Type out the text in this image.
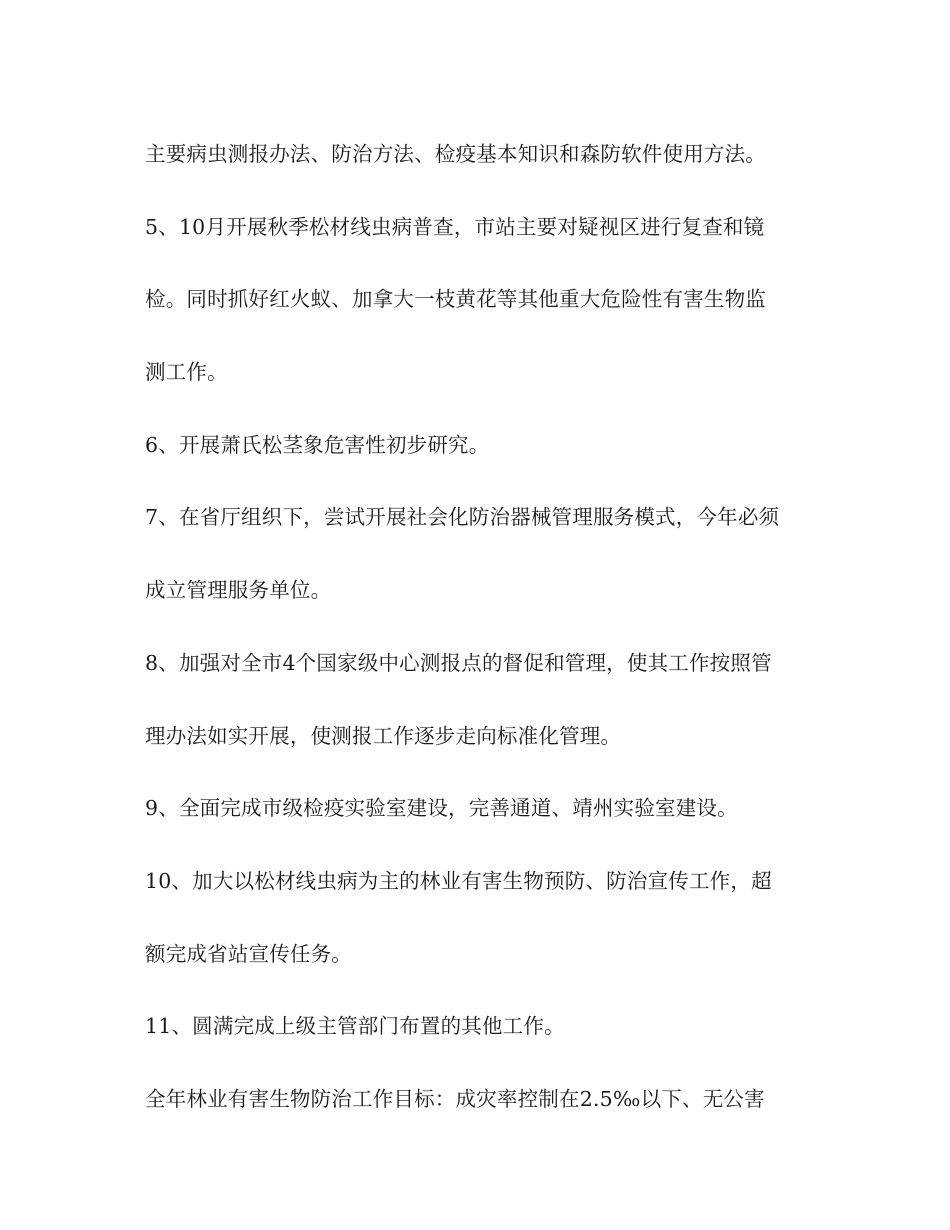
主要病虫测报办法、防治方法、检疫基本知识和森防软件使用方法。
5、10月开展秋季松材线虫病普查，市站主要对疑视区进行复查和镜
检。同时抓好红火蚁、加拿大一枝黄花等其他重大危险性有害生物监
测工作。
6、开展萧氏松茎象危害性初步研究。
7、在省厅组织下，尝试开展社会化防治器械管理服务模式，今年必须
成立管理服务单位。
8、加强对全市4个国家级中心测报点的督促和管理，使其工作按照管
理办法如实开展，使测报工作逐步走向标准化管理。
9、全面完成市级检疫实验室建设，完善通道、靖州实验室建设。
10、加大以松材线虫病为主的林业有害生物预防、防治宣传工作，超
额完成省站宣传任务。
11、圆满完成上级主管部门布置的其他工作。
全年林业有害生物防治工作目标：成灾率控制在2.5‰以下、无公害
